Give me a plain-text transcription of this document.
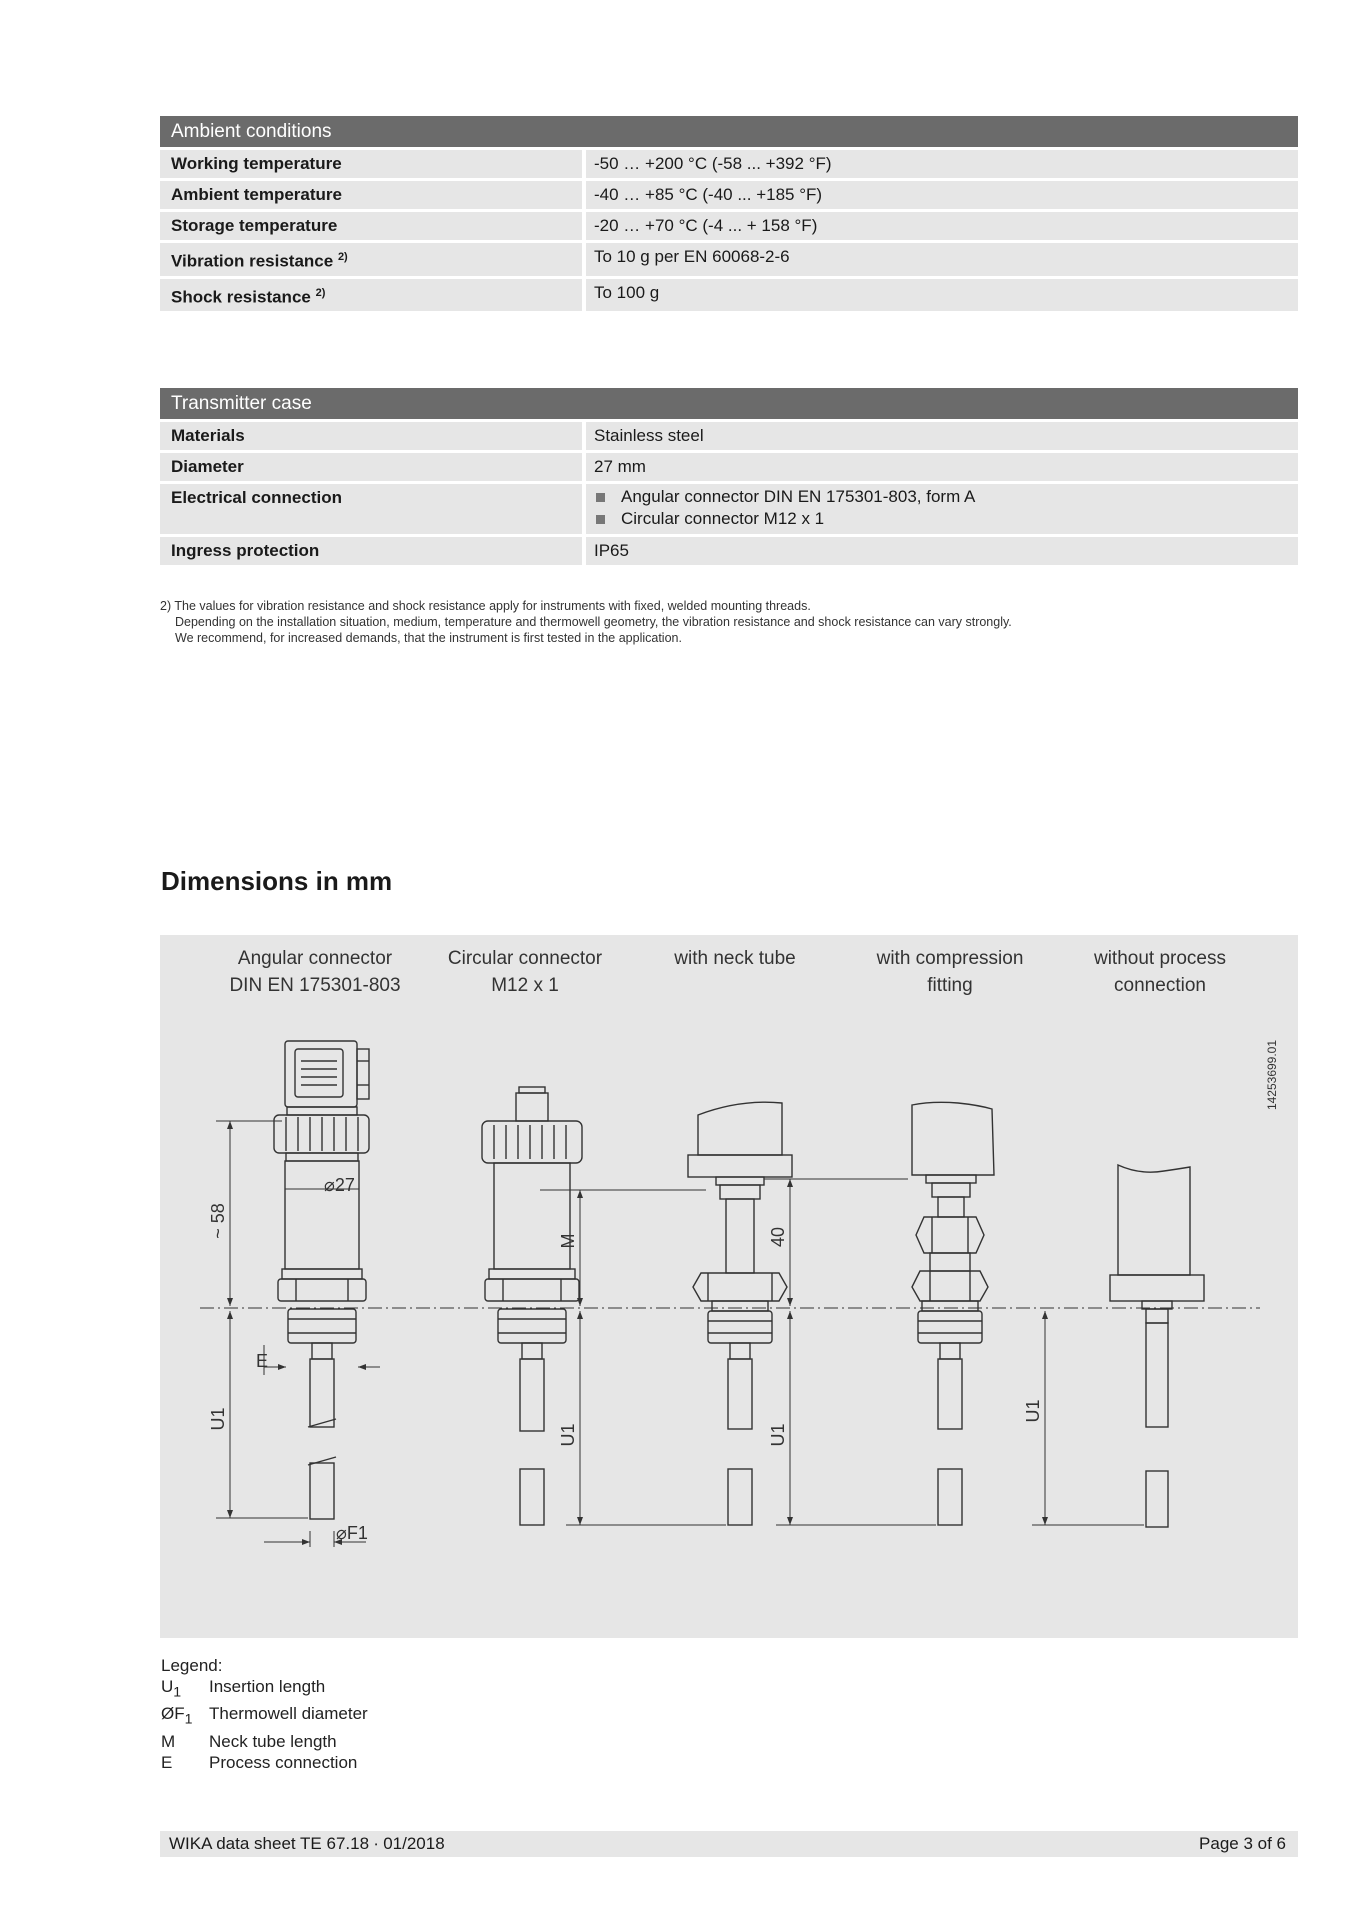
Ambient conditions
Working temperature	-50 … +200 °C (-58 ... +392 °F)
Ambient temperature	-40 … +85 °C (-40 ... +185 °F)
Storage temperature	-20 … +70 °C (-4 ... + 158 °F)
Vibration resistance $^{2)}$	To 10 g per EN 60068-2-6
Shock resistance $^{2)}$	To 100 g
Transmitter case
Materials	Stainless steel
Diameter	27 mm
Electrical connection	Angular connector DIN EN 175301-803, form A
Circular connector M12 x 1
Ingress protection	IP65
2) The values for vibration resistance and shock resistance apply for instruments with fixed, welded mounting threads.
Depending on the installation situation, medium, temperature and thermowell geometry, the vibration resistance and shock resistance can vary strongly.
We recommend, for increased demands, that the instrument is first tested in the application.
Dimensions in mm
Angular connector
DIN EN 175301-803
Circular connector
M12 x 1
with neck tube	with compression
fitting
without process
connection
~ 58
⌀27
E
U1
⌀F1
M
U1
40
U1
U1
14253699.01
Legend:
$U_1$	Insertion length
$ØF_1$ Thermowell diameter
M	Neck tube length
E	Process connection
WIKA data sheet TE 67.18 ∙ 01/2018	Page 3 of 6
